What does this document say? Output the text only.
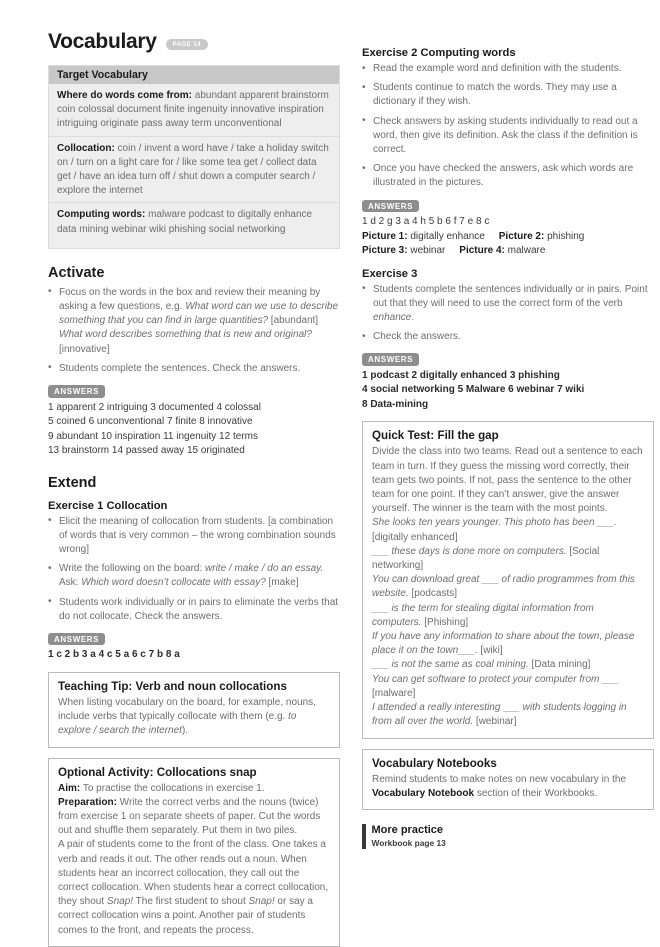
Vocabulary	PAGE 14
Target Vocabulary
Where do words come from: abundant apparent brainstorm coin colossal document finite ingenuity innovative inspiration intriguing originate pass away term unconventional
Collocation: coin / invent a word have / take a holiday switch on / turn on a light care for / like some tea get / collect data get / have an idea turn off / shut down a computer search / explore the internet
Computing words: malware podcast to digitally enhance data mining webinar wiki phishing social networking
Activate
• Focus on the words in the box and review their meaning by asking a few questions, e.g. What word can we use to describe something that you can find in large quantities? [abundant] What word describes something that is new and original? [innovative]
• Students complete the sentences. Check the answers.
ANSWERS
1 apparent 2 intriguing 3 documented 4 colossal
5 coined 6 unconventional 7 finite 8 innovative
9 abundant 10 inspiration 11 ingenuity 12 terms
13 brainstorm 14 passed away 15 originated
Extend
Exercise 1 Collocation
• Elicit the meaning of collocation from students. [a combination of words that is very common – the wrong combination sounds wrong]
• Write the following on the board: write / make / do an essay. Ask: Which word doesn’t collocate with essay? [make]
• Students work individually or in pairs to eliminate the verbs that do not collocate. Check the answers.
ANSWERS
1 c 2 b 3 a 4 c 5 a 6 c 7 b 8 a
Teaching Tip: Verb and noun collocations

When listing vocabulary on the board, for example, nouns, include verbs that typically collocate with them (e.g. to explore / search the internet).

Optional Activity: Collocations snap

Aim: To practise the collocations in exercise 1.

Preparation: Write the correct verbs and the nouns (twice) from exercise 1 on separate sheets of paper. Cut the words out and shuffle them separately. Put them in two piles.

A pair of students come to the front of the class. One takes a verb and reads it out. The other reads out a noun. When students hear an incorrect collocation, they call out the correct collocation. When students hear a correct collocation, they shout Snap! The first student to shout Snap! or say a correct collocation wins a point. Another pair of students comes to the front, and repeats the process.

Exercise 2 Computing words
• Read the example word and definition with the students.
• Students continue to match the words. They may use a dictionary if they wish.
• Check answers by asking students individually to read out a word, then give its definition. Ask the class if the definition is correct.
• Once you have checked the answers, ask which words are illustrated in the pictures.
ANSWERS
1 d 2 g 3 a 4 h 5 b 6 f 7 e 8 c
Picture 1: digitally enhance     Picture 2: phishing
Picture 3: webinar     Picture 4: malware
Exercise 3
• Students complete the sentences individually or in pairs. Point out that they will need to use the correct form of the verb enhance.
• Check the answers.
ANSWERS
1 podcast 2 digitally enhanced 3 phishing
4 social networking 5 Malware 6 webinar 7 wiki
8 Data-mining
Quick Test: Fill the gap

Divide the class into two teams. Read out a sentence to each team in turn. If they guess the missing word correctly, their team gets two points. If not, pass the sentence to the other team for one point. If they can’t answer, give the answer yourself. The winner is the team with the most points.

She looks ten years younger. This photo has been ___. [digitally enhanced]

___ these days is done more on computers. [Social networking]

You can download great ___ of radio programmes from this website. [podcasts]

___ is the term for stealing digital information from computers. [Phishing]

If you have any information to share about the town, please place it on the town___. [wiki]

___ is not the same as coal mining. [Data mining]

You can get software to protect your computer from ___ [malware]

I attended a really interesting ___ with students logging in from all over the world. [webinar]

Vocabulary Notebooks

Remind students to make notes on new vocabulary in the Vocabulary Notebook section of their Workbooks.

More practice
Workbook page 13
